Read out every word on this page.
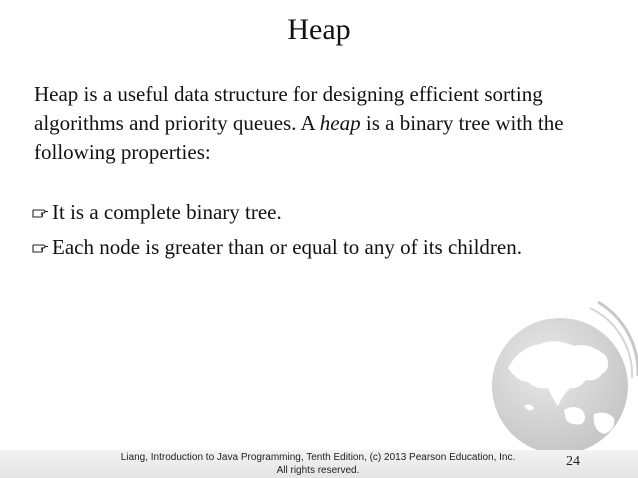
Heap
Heap is a useful data structure for designing efficient sorting algorithms and priority queues. A heap is a binary tree with the following properties:
It is a complete binary tree.
Each node is greater than or equal to any of its children.
Liang, Introduction to Java Programming, Tenth Edition, (c) 2013 Pearson Education, Inc. All rights reserved.
24
